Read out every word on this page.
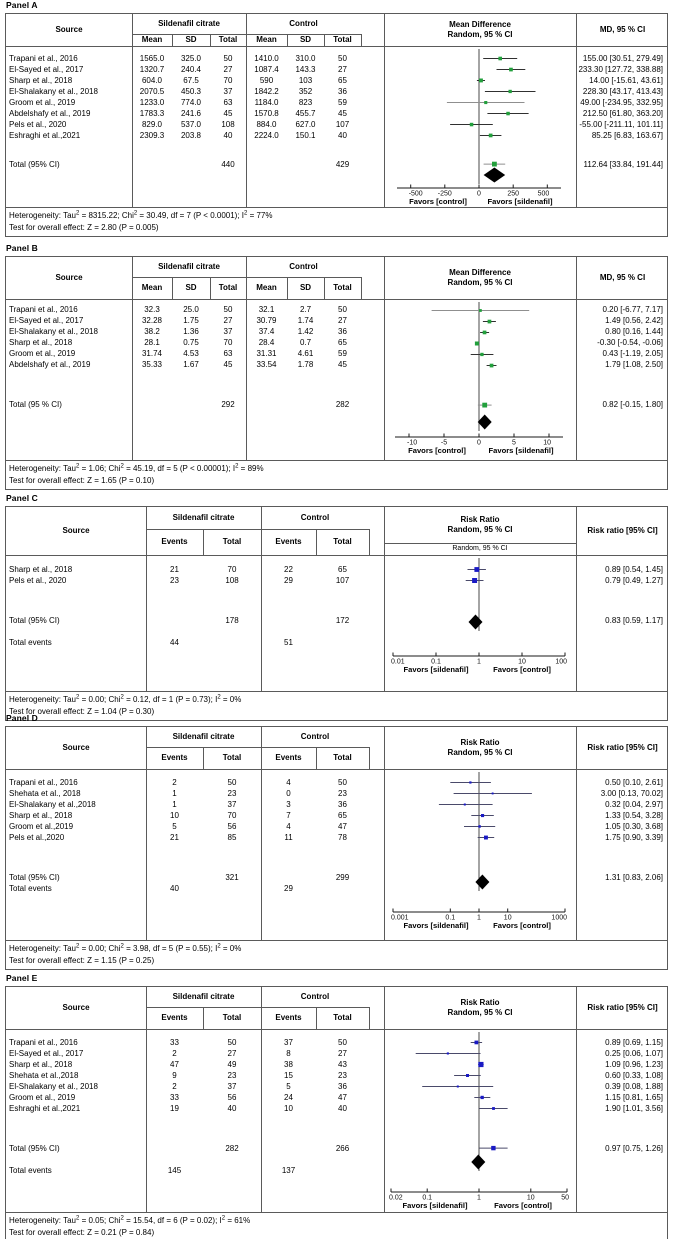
Panel A
Source
Sildenafil citrate	Control
Mean	SD	Total	Mean	SD	Total
Mean Difference
Random, 95 % CI
MD, 95 % CI
Trapani et al., 2016	1565.0	325.0	50	1410.0	310.0	50	155.00 [30.51, 279.49]
El-Sayed et al., 2017	1320.7	240.4	27	1087.4	143.3	27	233.30 [127.72, 338.88]
Sharp et al., 2018	604.0	67.5	70	590	103	65	14.00 [-15.61, 43.61]
El-Shalakany et al., 2018	2070.5	450.3	37	1842.2	352	36	228.30 [43.17, 413.43]
Groom et al., 2019	1233.0	774.0	63	1184.0	823	59	49.00 [-234.95, 332.95]
Abdelshafy et al., 2019	1783.3	241.6	45	1570.8	455.7	45	212.50 [61.80, 363.20]
Pels et al., 2020	829.0	537.0	108	884.0	627.0	107	-55.00 [-211.11, 101.11]
Eshraghi et al.,2021	2309.3	203.8	40	2224.0	150.1	40	85.25 [6.83, 163.67]
Total (95% CI)	440	429	112.64 [33.84, 191.44]
-500 -250	0	250	500
Favors [control]	Favors [sildenafil]
Heterogeneity: Tau$^2$ = 8315.22; Chi$^2$ = 30.49, df = 7 (P < 0.0001); $I^2 = 77\%$
Test for overall effect: Z = 2.80 (P = 0.005)
Panel B
Source
Sildenafil citrate	Control
Mean	SD	Total	Mean	SD	Total
Mean Difference
Random, 95 % CI
MD, 95 % CI
Trapani et al., 2016	32.3	25.0	50	32.1	2.7	50	0.20 [-6.77, 7.17]
El-Sayed et al., 2017	32.28	1.75	27	30.79	1.74	27	1.49 [0.56, 2.42]
El-Shalakany et al., 2018	38.2	1.36	37	37.4	1.42	36	0.80 [0.16, 1.44]
Sharp et al., 2018	28.1	0.75	70	28.4	0.7	65	-0.30 [-0.54, -0.06]
Groom et al., 2019	31.74	4.53	63	31.31	4.61	59	0.43 [-1.19, 2.05]
Abdelshafy et al., 2019	35.33	1.67	45	33.54	1.78	45	1.79 [1.08, 2.50]
Total (95 % CI)	292	282	0.82 [-0.15, 1.80]
-10	-5	0	5	10
Favors [control]	Favors [sildenafil]
Heterogeneity: Tau$^2$ = 1.06; Chi$^2$ = 45.19, df = 5 (P < 0.00001); $I^2 = 89\%$
Test for overall effect: Z = 1.65 (P = 0.10)
Panel C
Source
Sildenafil citrate	Control
Events	Total	Events	Total
Risk Ratio
Random, 95 % CI
Random, 95 % CI
Risk ratio [95% CI]
Sharp et al., 2018	21	70	22	65	0.89 [0.54, 1.45]
Pels et al., 2020	23	108	29	107	0.79 [0.49, 1.27]
Total (95% CI)	178	172	0.83 [0.59, 1.17]
Total events	44	51
0.01	0.1	1	10	100
Favors [sildenafil]	Favors [control]
Heterogeneity: Tau$^2$ = 0.00; Chi$^2$ = 0.12, df = 1 (P = 0.73); $I^2 = 0\%$
Test for overall effect: Z = 1.04 (P = 0.30)
Panel D
Source
Sildenafil citrate	Control
Events	Total	Events	Total
Risk Ratio
Random, 95 % CI
Risk ratio [95% CI]
Trapani et al., 2016	2	50	4	50	0.50 [0.10, 2.61]
Shehata et al., 2018	1	23	0	23	3.00 [0.13, 70.02]
El-Shalakany et al.,2018	1	37	3	36	0.32 [0.04, 2.97]
Sharp et al., 2018	10	70	7	65	1.33 [0.54, 3.28]
Groom et al.,2019	5	56	4	47	1.05 [0.30, 3.68]
Pels et al.,2020	21	85	11	78	1.75 [0.90, 3.39]
Total (95% CI)	321	299	1.31 [0.83, 2.06]
Total events	40	29
0.001	0.1	1	10	1000
Favors [sildenafil]	Favors [control]
Heterogeneity: Tau$^2$ = 0.00; Chi$^2$ = 3.98, df = 5 (P = 0.55); $I^2 = 0\%$
Test for overall effect: Z = 1.15 (P = 0.25)
Panel E
Source
Sildenafil citrate	Control
Events	Total	Events	Total
Risk Ratio
Random, 95 % CI
Risk ratio [95% CI]
Trapani et al., 2016	33	50	37	50	0.89 [0.69, 1.15]
El-Sayed et al., 2017	2	27	8	27	0.25 [0.06, 1.07]
Sharp et al., 2018	47	49	38	43	1.09 [0.96, 1.23]
Shehata et al.,2018	9	23	15	23	0.60 [0.33, 1.08]
El-Shalakany et al., 2018	2	37	5	36	0.39 [0.08, 1.88]
Groom et al., 2019	33	56	24	47	1.15 [0.81, 1.65]
Eshraghi et al.,2021	19	40	10	40	1.90 [1.01, 3.56]
Total (95% CI)	282	266	0.97 [0.75, 1.26]
Total events	145	137
0.02	0.1	1	10	50
Favors [sildenafil]	Favors [control]
Heterogeneity: Tau$^2$ = 0.05; Chi$^2$ = 15.54, df = 6 (P = 0.02); $I^2 = 61\%$
Test for overall effect: Z = 0.21 (P = 0.84)
